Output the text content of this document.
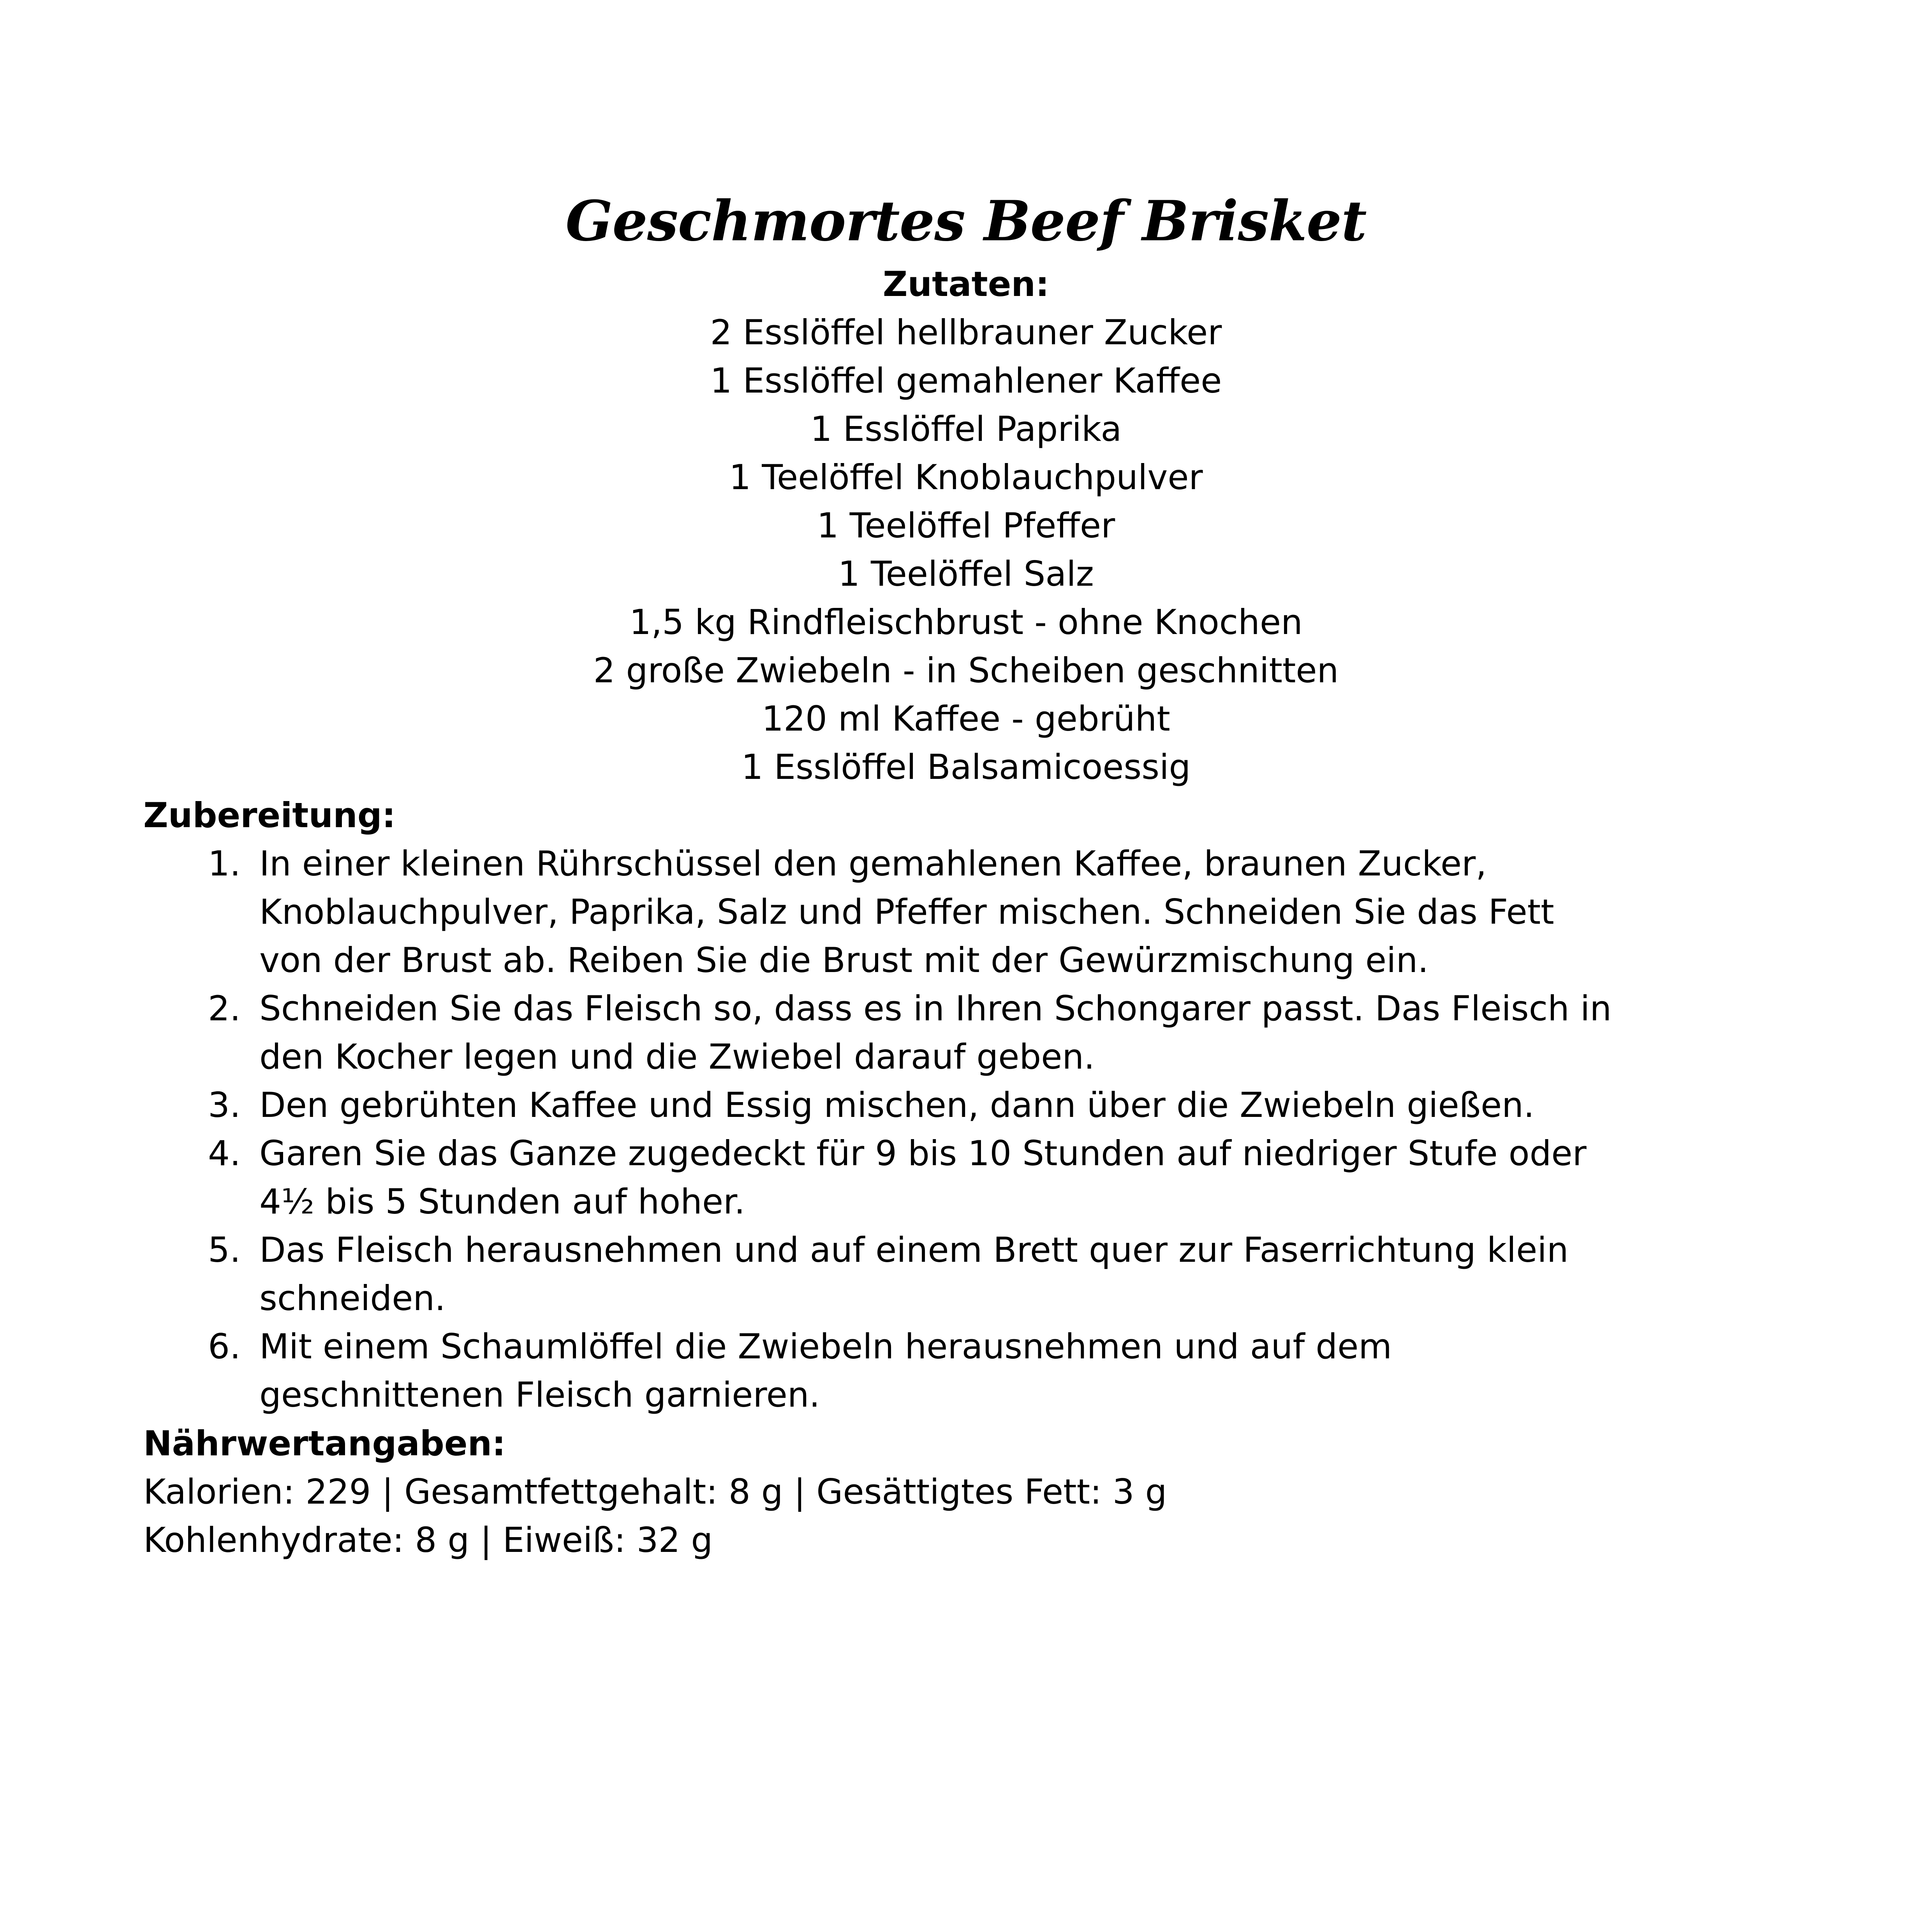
Geschmortes Beef Brisket
Zutaten:
2 Esslöffel hellbrauner Zucker
1 Esslöffel gemahlener Kaffee
1 Esslöffel Paprika
1 Teelöffel Knoblauchpulver
1 Teelöffel Pfeffer
1 Teelöffel Salz
1,5 kg Rindfleischbrust - ohne Knochen
2 große Zwiebeln - in Scheiben geschnitten
120 ml Kaffee - gebrüht
1 Esslöffel Balsamicoessig
Zubereitung:
1. In einer kleinen Rührschüssel den gemahlenen Kaffee, braunen Zucker,
Knoblauchpulver, Paprika, Salz und Pfeffer mischen. Schneiden Sie das Fett
von der Brust ab. Reiben Sie die Brust mit der Gewürzmischung ein.
2. Schneiden Sie das Fleisch so, dass es in Ihren Schongarer passt. Das Fleisch in
den Kocher legen und die Zwiebel darauf geben.
3. Den gebrühten Kaffee und Essig mischen, dann über die Zwiebeln gießen.
4. Garen Sie das Ganze zugedeckt für 9 bis 10 Stunden auf niedriger Stufe oder
4½ bis 5 Stunden auf hoher.
5. Das Fleisch herausnehmen und auf einem Brett quer zur Faserrichtung klein
schneiden.
6. Mit einem Schaumlöffel die Zwiebeln herausnehmen und auf dem
geschnittenen Fleisch garnieren.
Nährwertangaben:
Kalorien: 229 | Gesamtfettgehalt: 8 g | Gesättigtes Fett: 3 g
Kohlenhydrate: 8 g | Eiweiß: 32 g
